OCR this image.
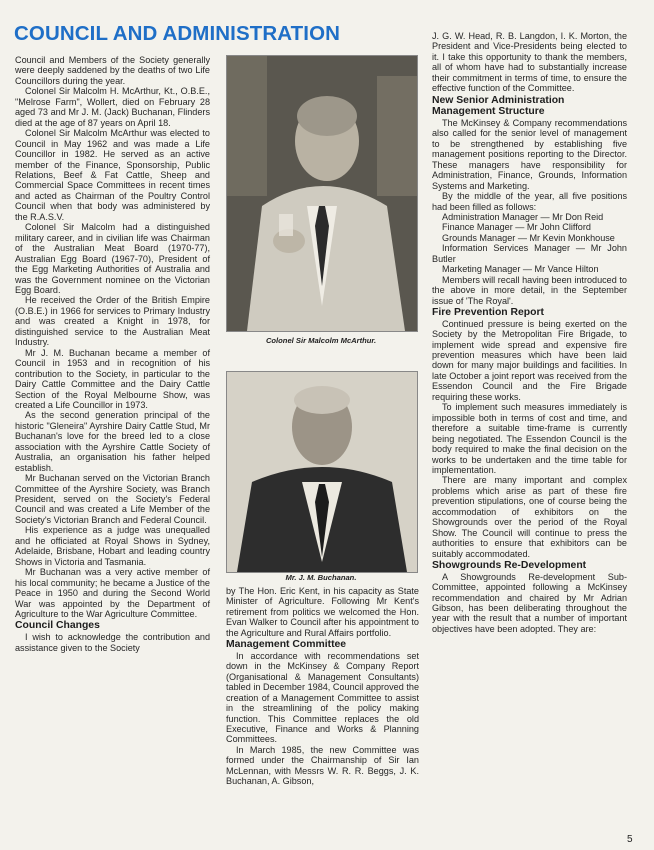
COUNCIL AND ADMINISTRATION

Council and Members of the Society generally were deeply saddened by the deaths of two Life Councillors during the year.

Colonel Sir Malcolm H. McArthur, Kt., O.B.E., "Melrose Farm", Wollert, died on February 28 aged 73 and Mr J. M. (Jack) Buchanan, Flinders died at the age of 87 years on April 18.

Colonel Sir Malcolm McArthur was elected to Council in May 1962 and was made a Life Councillor in 1982. He served as an active member of the Finance, Sponsorship, Public Relations, Beef & Fat Cattle, Sheep and Commercial Space Committees in recent times and acted as Chairman of the Poultry Control Council when that body was administered by the R.A.S.V.

Colonel Sir Malcolm had a distinguished military career, and in civilian life was Chairman of the Australian Meat Board (1970-77), Australian Egg Board (1967-70), President of the Egg Marketing Authorities of Australia and was the Government nominee on the Victorian Egg Board.

He received the Order of the British Empire (O.B.E.) in 1966 for services to Primary Industry and was created a Knight in 1978, for distinguished service to the Australian Meat Industry.

Mr J. M. Buchanan became a member of Council in 1953 and in recognition of his contribution to the Society, in particular to the Dairy Cattle Committee and the Dairy Cattle Section of the Royal Melbourne Show, was created a Life Councillor in 1973.

As the second generation principal of the historic "Gleneira" Ayrshire Dairy Cattle Stud, Mr Buchanan's love for the breed led to a close association with the Ayrshire Cattle Society of Australia, an organisation his father helped establish.

Mr Buchanan served on the Victorian Branch Committee of the Ayrshire Society, was Branch President, served on the Society's Federal Council and was created a Life Member of the Society's Victorian Branch and Federal Council.

His experience as a judge was unequalled and he officiated at Royal Shows in Sydney, Adelaide, Brisbane, Hobart and leading country Shows in Victoria and Tasmania.

Mr Buchanan was a very active member of his local community; he became a Justice of the Peace in 1950 and during the Second World War was appointed by the Department of Agriculture to the War Agriculture Committee.

Council Changes

I wish to acknowledge the contribution and assistance given to the Society

Colonel Sir Malcolm McArthur.
Mr. J. M. Buchanan.

by The Hon. Eric Kent, in his capacity as State Minister of Agriculture. Following Mr Kent's retirement from politics we welcomed the Hon. Evan Walker to Council after his appointment to the Agriculture and Rural Affairs portfolio.

Management Committee

In accordance with recommendations set down in the McKinsey & Company Report (Organisational & Management Consultants) tabled in December 1984, Council approved the creation of a Management Committee to assist in the streamlining of the policy making function. This Committee replaces the old Executive, Finance and Works & Planning Committees.

In March 1985, the new Committee was formed under the Chairmanship of Sir Ian McLennan, with Messrs W. R. R. Beggs, J. K. Buchanan, A. Gibson,

J. G. W. Head, R. B. Langdon, I. K. Morton, the President and Vice-Presidents being elected to it. I take this opportunity to thank the members, all of whom have had to substantially increase their commitment in terms of time, to ensure the effective function of the Committee.

New Senior Administration Management Structure

The McKinsey & Company recommendations also called for the senior level of management to be strengthened by establishing five management positions reporting to the Director. These managers have responsibility for Administration, Finance, Grounds, Information Systems and Marketing.

By the middle of the year, all five positions had been filled as follows:

Administration Manager — Mr Don Reid

Finance Manager — Mr John Clifford

Grounds Manager — Mr Kevin Monkhouse

Information Services Manager — Mr John Butler

Marketing Manager — Mr Vance Hilton

Members will recall having been introduced to the above in more detail, in the September issue of 'The Royal'.

Fire Prevention Report

Continued pressure is being exerted on the Society by the Metropolitan Fire Brigade, to implement wide spread and expensive fire prevention measures which have been laid down for many major buildings and facilities. In late October a joint report was received from the Essendon Council and the Fire Brigade requiring these works.

To implement such measures immediately is impossible both in terms of cost and time, and therefore a suitable time-frame is currently being negotiated. The Essendon Council is the body required to make the final decision on the works to be undertaken and the time table for implementation.

There are many important and complex problems which arise as part of these fire prevention stipulations, one of course being the accommodation of exhibitors on the Showgrounds over the period of the Royal Show. The Council will continue to press the authorities to ensure that exhibitors can be suitably accommodated.

Showgrounds Re-Development

A Showgrounds Re-development Sub-Committee, appointed following a McKinsey recommendation and chaired by Mr Adrian Gibson, has been deliberating throughout the year with the result that a number of important objectives have been adopted. They are:

5
